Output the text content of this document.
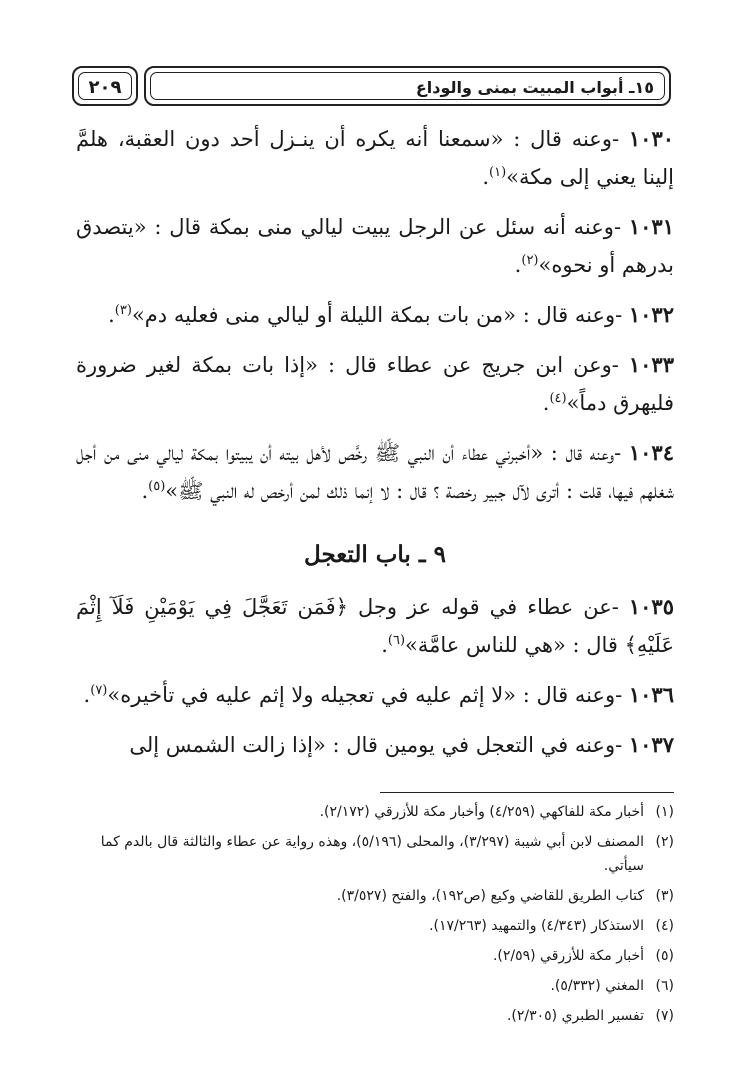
٢٠٩	١٥ـ أبواب المبيت بمنى والوداع

١٠٣٠ -وعنه قال : «سمعنا أنه يكره أن ينـزل أحد دون العقبة، هلمَّ إلينا يعني إلى مكة»$^{(١)}$.

١٠٣١ -وعنه أنه سئل عن الرجل يبيت ليالي منى بمكة قال : «يتصدق بدرهم أو نحوه»$^{(٢)}$.

١٠٣٢ -وعنه قال : «من بات بمكة الليلة أو ليالي منى فعليه دم»$^{(٣)}$.

١٠٣٣ -وعن ابن جريج عن عطاء قال : «إذا بات بمكة لغير ضرورة فليهرق دماً»$^{(٤)}$.

١٠٣٤ -وعنه قال : «أخبرني عطاء أن النبي ﷺ رخَّص لأهل بيته أن يبيتوا بمكة ليالي منى من أجل شغلهم فيها، قلت : أترى لآل جبير رخصة ؟ قال : لا إنما ذلك لمن أرخص له النبي ﷺ»$^{(٥)}$.

٩ ـ باب التعجل

١٠٣٥ -عن عطاء في قوله عز وجل ﴿فَمَن تَعَجَّلَ فِي يَوْمَيْنِ فَلَآ إِثْمَ عَلَيْهِ﴾ قال : «هي للناس عامَّة»$^{(٦)}$.

١٠٣٦ -وعنه قال : «لا إثم عليه في تعجيله ولا إثم عليه في تأخيره»$^{(٧)}$.

١٠٣٧ -وعنه في التعجل في يومين قال : «إذا زالت الشمس إلى

(١)
أخبار مكة للفاكهي (٤/٢٥٩) وأخبار مكة للأزرقي (٢/١٧٢).
(٢)
المصنف لابن أبي شيبة (٣/٢٩٧)، والمحلى (٥/١٩٦)، وهذه رواية عن عطاء والثالثة قال بالدم كما سيأتي.
(٣)
كتاب الطريق للقاضي وكيع (ص١٩٢)، والفتح (٣/٥٢٧).
(٤)
الاستذكار (٤/٣٤٣) والتمهيد (١٧/٢٦٣).
(٥)
أخبار مكة للأزرقي (٢/٥٩).
(٦)
المغني (٥/٣٣٢).
(٧)
تفسير الطبري (٢/٣٠٥).
